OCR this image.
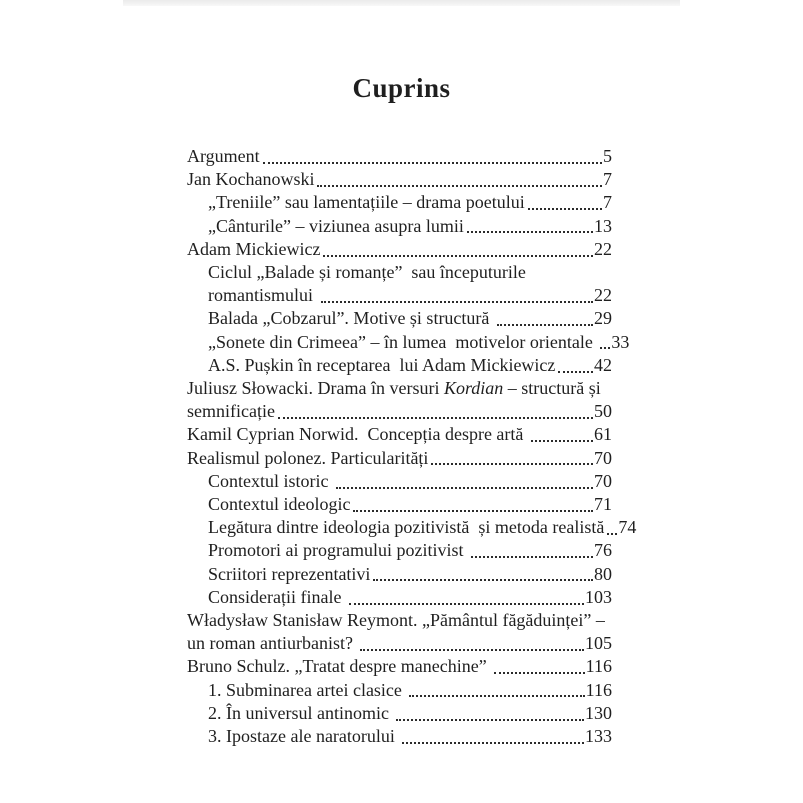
Cuprins
Argument	5
Jan Kochanowski	7
„Treniile” sau lamentațiile – drama poetului	7
„Cânturile” – viziunea asupra lumii	13
Adam Mickiewicz	22
Ciclul „Balade și romanțe”  sau începuturile
romantismului	22
Balada „Cobzarul”. Motive și structură	29
„Sonete din Crimeea” – în lumea  motivelor orientale 33
A.S. Pușkin în receptarea  lui Adam Mickiewicz 42
Juliusz Słowacki. Drama în versuri Kordian – structură și
semnificație	50
Kamil Cyprian Norwid.  Concepția despre artă	61
Realismul polonez. Particularități	70
Contextul istoric	70
Contextul ideologic	71
Legătura dintre ideologia pozitivistă  și metoda realistă 74
Promotori ai programului pozitivist	76
Scriitori reprezentativi	80
Considerații finale	103
Władysław Stanisław Reymont. „Pământul făgăduinței” –
un roman antiurbanist?	105
Bruno Schulz. „Tratat despre manechine”	116
1. Subminarea artei clasice	116
2. În universul antinomic	130
3. Ipostaze ale naratorului	133
